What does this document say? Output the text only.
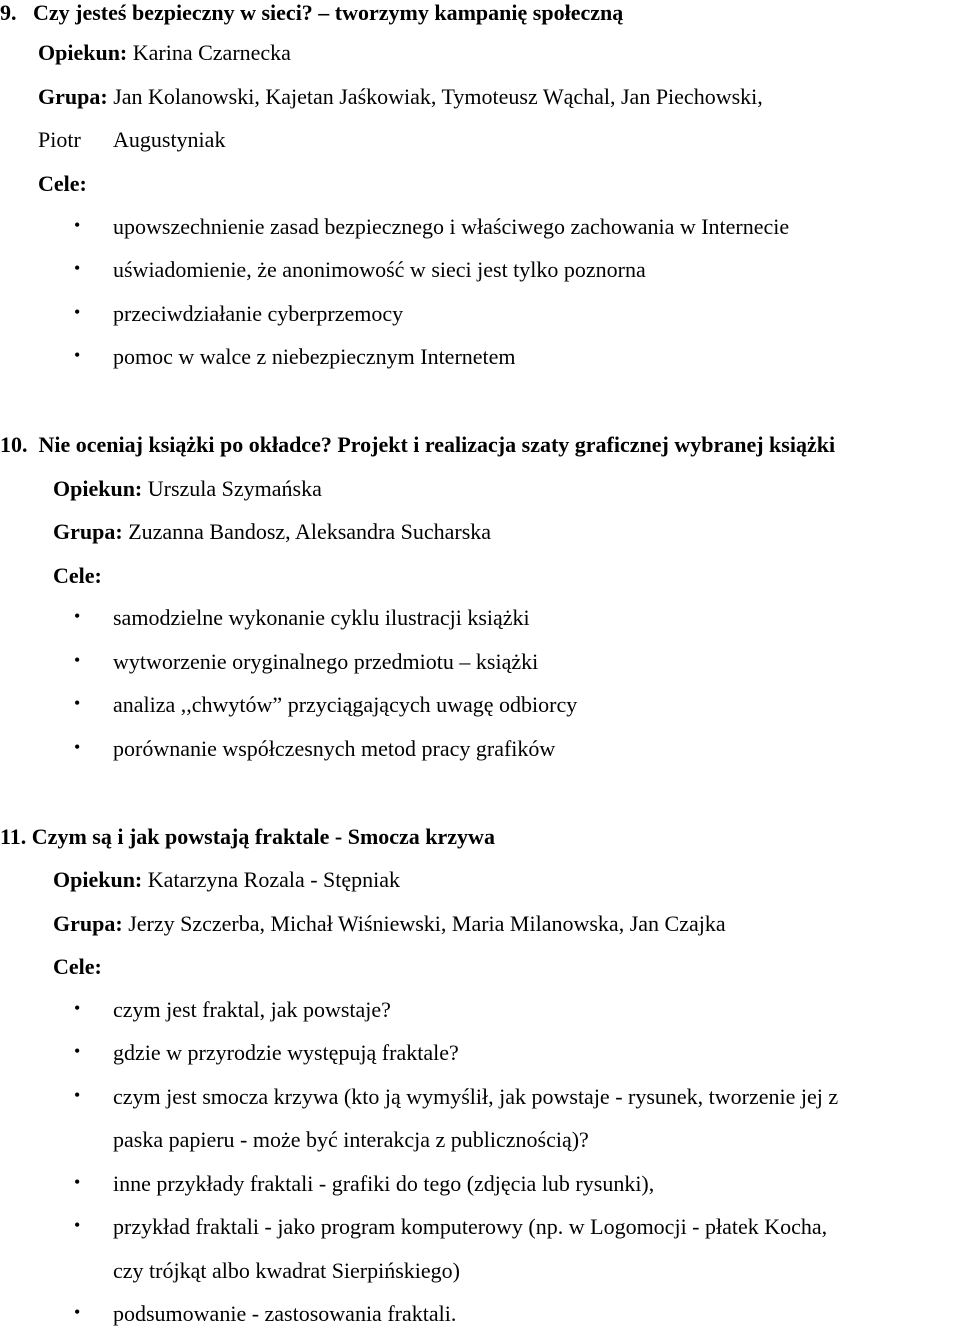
9. Czy jesteś bezpieczny w sieci? – tworzymy kampanię społeczną
Opiekun: Karina Czarnecka
Grupa: Jan Kolanowski, Kajetan Jaśkowiak, Tymoteusz Wąchal, Jan Piechowski,
Piotr Augustyniak
Cele:
• upowszechnienie zasad bezpiecznego i właściwego zachowania w Internecie
• uświadomienie, że anonimowość w sieci jest tylko poznorna
• przeciwdziałanie cyberprzemocy
• pomoc w walce z niebezpiecznym Internetem
10. Nie oceniaj książki po okładce? Projekt i realizacja szaty graficznej wybranej książki
Opiekun: Urszula Szymańska
Grupa: Zuzanna Bandosz, Aleksandra Sucharska
Cele:
• samodzielne wykonanie cyklu ilustracji książki
• wytworzenie oryginalnego przedmiotu – książki
• analiza ,,chwytów” przyciągających uwagę odbiorcy
• porównanie współczesnych metod pracy grafików
11. Czym są i jak powstają fraktale - Smocza krzywa
Opiekun: Katarzyna Rozala - Stępniak
Grupa: Jerzy Szczerba, Michał Wiśniewski, Maria Milanowska, Jan Czajka
Cele:
• czym jest fraktal, jak powstaje?
• gdzie w przyrodzie występują fraktale?
• czym jest smocza krzywa (kto ją wymyślił, jak powstaje - rysunek, tworzenie jej z
paska papieru - może być interakcja z publicznością)?
• inne przykłady fraktali - grafiki do tego (zdjęcia lub rysunki),
• przykład fraktali - jako program komputerowy (np. w Logomocji - płatek Kocha,
czy trójkąt albo kwadrat Sierpińskiego)
• podsumowanie - zastosowania fraktali.
